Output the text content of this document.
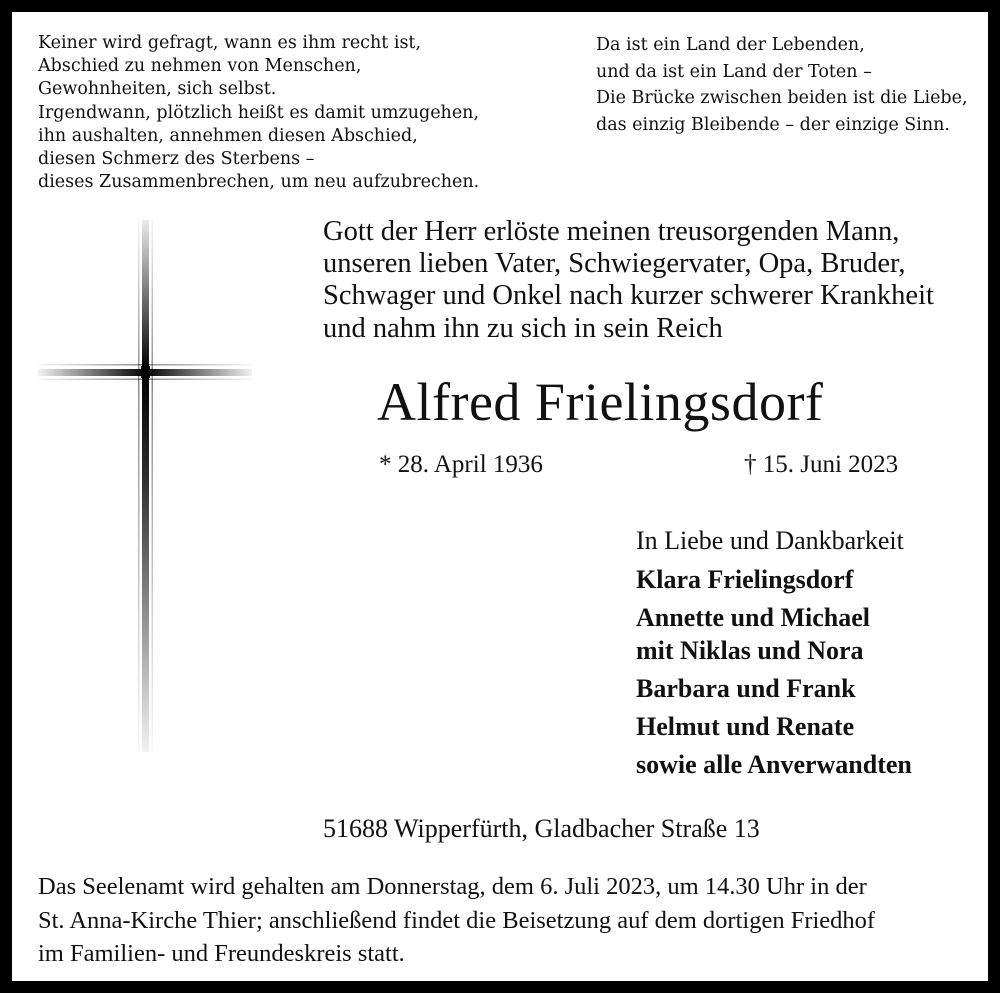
Keiner wird gefragt, wann es ihm recht ist,
Abschied zu nehmen von Menschen,
Gewohnheiten, sich selbst.
Irgendwann, plötzlich heißt es damit umzugehen,
ihn aushalten, annehmen diesen Abschied,
diesen Schmerz des Sterbens –
dieses Zusammenbrechen, um neu aufzubrechen.
Da ist ein Land der Lebenden,
und da ist ein Land der Toten –
Die Brücke zwischen beiden ist die Liebe,
das einzig Bleibende – der einzige Sinn.
Gott der Herr erlöste meinen treusorgenden Mann,
unseren lieben Vater, Schwiegervater, Opa, Bruder,
Schwager und Onkel nach kurzer schwerer Krankheit
und nahm ihn zu sich in sein Reich
Alfred Frielingsdorf
* 28. April 1936	† 15. Juni 2023
In Liebe und Dankbarkeit
Klara Frielingsdorf
Annette und Michael
mit Niklas und Nora
Barbara und Frank
Helmut und Renate
sowie alle Anverwandten
51688 Wipperfürth, Gladbacher Straße 13
Das Seelenamt wird gehalten am Donnerstag, dem 6. Juli 2023, um 14.30 Uhr in der
St. Anna-Kirche Thier; anschließend findet die Beisetzung auf dem dortigen Friedhof
im Familien- und Freundeskreis statt.
